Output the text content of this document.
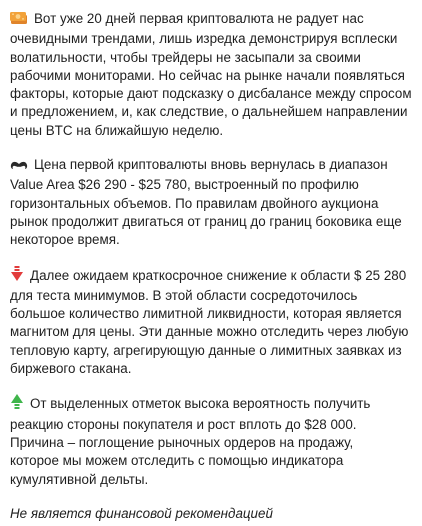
Вот уже 20 дней первая криптовалюта не радует нас
очевидными трендами, лишь изредка демонстрируя всплески
волатильности, чтобы трейдеры не засыпали за своими
рабочими мониторами. Но сейчас на рынке начали появляться
факторы, которые дают подсказку о дисбалансе между спросом
и предложением, и, как следствие, о дальнейшем направлении
цены BTC на ближайшую неделю.
Цена первой криптовалюты вновь вернулась в диапазон
Value Area $26 290 - $25 780, выстроенный по профилю
горизонтальных объемов. По правилам двойного аукциона
рынок продолжит двигаться от границ до границ боковика еще
некоторое время.
Далее ожидаем краткосрочное снижение к области $ 25 280
для теста минимумов. В этой области сосредоточилось
большое количество лимитной ликвидности, которая является
магнитом для цены. Эти данные можно отследить через любую
тепловую карту, агрегирующую данные о лимитных заявках из
биржевого стакана.
От выделенных отметок высока вероятность получить
реакцию стороны покупателя и рост вплоть до $28 000.
Причина – поглощение рыночных ордеров на продажу,
которое мы можем отследить с помощью индикатора
кумулятивной дельты.
Не является финансовой рекомендацией
